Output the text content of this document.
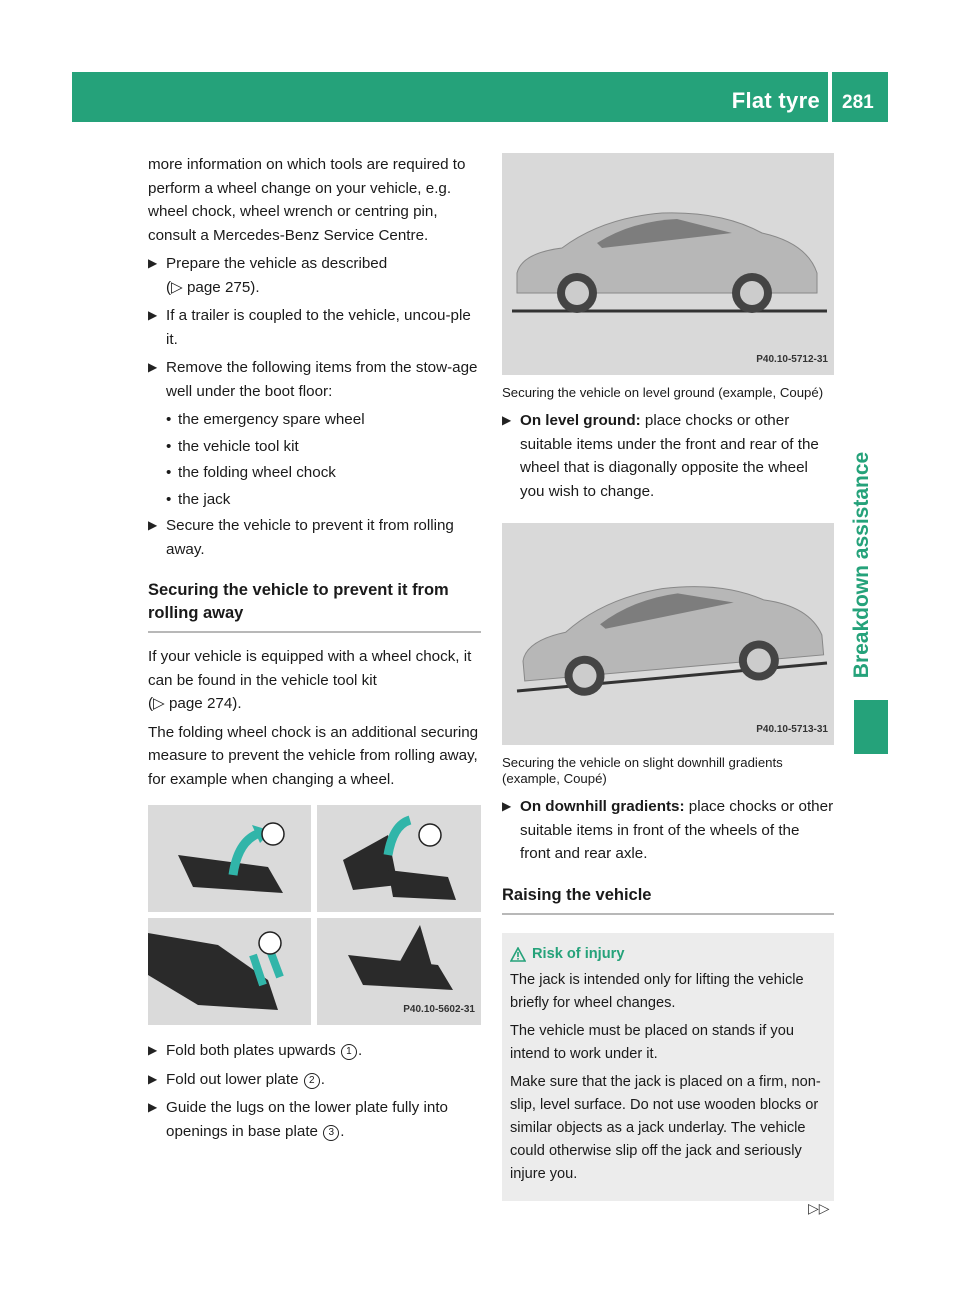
Flat tyre 281
Breakdown assistance

more information on which tools are required to perform a wheel change on your vehicle, e.g. wheel chock, wheel wrench or centring pin, consult a Mercedes-Benz Service Centre.

▶ Prepare the vehicle as described
(▷ page 275).
▶ If a trailer is coupled to the vehicle, uncou-ple it.
▶ Remove the following items from the stow-age well under the boot floor:
• the emergency spare wheel
• the vehicle tool kit
• the folding wheel chock
• the jack
▶ Secure the vehicle to prevent it from rolling away.
Securing the vehicle to prevent it from rolling away

If your vehicle is equipped with a wheel chock, it can be found in the vehicle tool kit
(▷ page 274).

The folding wheel chock is an additional securing measure to prevent the vehicle from rolling away, for example when changing a wheel.

P40.10-5602-31
▶ Fold both plates upwards 1 .
▶ Fold out lower plate 2 .
▶ Guide the lugs on the lower plate fully into openings in base plate 3 .
P40.10-5712-31
Securing the vehicle on level ground (example, Coupé)
▶ On level ground: place chocks or other suitable items under the front and rear of the wheel that is diagonally opposite the wheel you wish to change.
P40.10-5713-31
Securing the vehicle on slight downhill gradients (example, Coupé)
▶ On downhill gradients: place chocks or other suitable items in front of the wheels of the front and rear axle.
Raising the vehicle

Risk of injury

The jack is intended only for lifting the vehicle briefly for wheel changes.

The vehicle must be placed on stands if you intend to work under it.

Make sure that the jack is placed on a firm, non-slip, level surface. Do not use wooden blocks or similar objects as a jack underlay. The vehicle could otherwise slip off the jack and seriously injure you.

▷▷
